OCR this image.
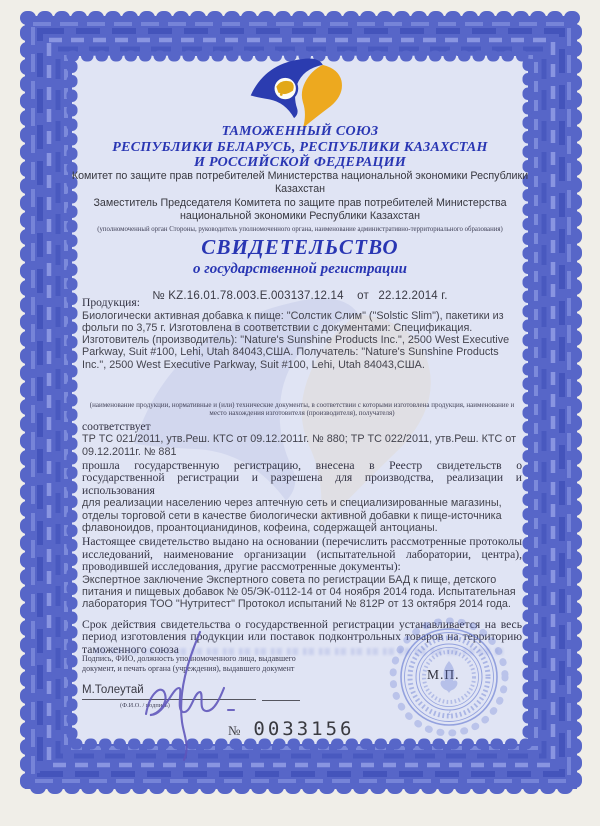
ТАМОЖЕННЫЙ СОЮЗ
РЕСПУБЛИКИ БЕЛАРУСЬ, РЕСПУБЛИКИ КАЗАХСТАН
И РОССИЙСКОЙ ФЕДЕРАЦИИ
Комитет по защите прав потребителей Министерства национальной экономики Республики Казахстан
Заместитель Председателя Комитета по защите прав потребителей Министерства национальной экономики Республики Казахстан
(уполномоченный орган Стороны, руководитель уполномоченного органа, наименование административно-территориального образования)
СВИДЕТЕЛЬСТВО
о государственной регистрации
№ KZ.16.01.78.003.E.003137.12.14 от 22.12.2014 г.
Продукция:
Биологически активная добавка к пище: "Солстик Слим" ("Solstic Slim"), пакетики из фольги по 3,75 г. Изготовлена в соответствии с документами: Спецификация. Изготовитель (производитель): "Nature's Sunshine Products Inc.", 2500 West Executive Parkway, Suit #100, Lehi, Utah 84043,США. Получатель: "Nature's Sunshine Products Inc.", 2500 West Executive Parkway, Suit #100, Lehi, Utah 84043,США.
(наименование продукции, нормативные и (или) технические документы, в соответствии с которыми изготовлена продукция, наименование и место нахождения изготовителя (производителя), получателя)
соответствует
ТР ТС 021/2011, утв.Реш. КТС от 09.12.2011г. № 880; ТР ТС 022/2011, утв.Реш. КТС от 09.12.2011г. № 881
прошла государственную регистрацию, внесена в Реестр свидетельств о государственной регистрации и разрешена для производства, реализации и использования
для реализации населению через аптечную сеть и специализированные магазины, отделы торговой сети в качестве биологически активной добавки к пище-источника флавоноидов, проантоцианидинов, кофеина, содержащей антоцианы.
Настоящее свидетельство выдано на основании (перечислить рассмотренные протоколы исследований, наименование организации (испытательной лаборатории, центра), проводившей исследования, другие рассмотренные документы):
Экспертное заключение Экспертного совета по регистрации БАД к пище, детского питания и пищевых добавок № 05/ЭК-0112-14 от 04 ноября 2014 года. Испытательная лаборатория ТОО "Нутритест" Протокол испытаний № 812Р от 13 октября 2014 года.
Срок действия свидетельства о государственной регистрации устанавливается на весь период изготовления продукции или поставок подконтрольных товаров на территорию таможенного союза
Подпись, ФИО, должность уполномоченного лица, выдавшего документ, и печать органа (учреждения), выдавшего документ
М.Толеутай
(Ф.И.О. / подпись)
М.П.
2
№ 0033156
